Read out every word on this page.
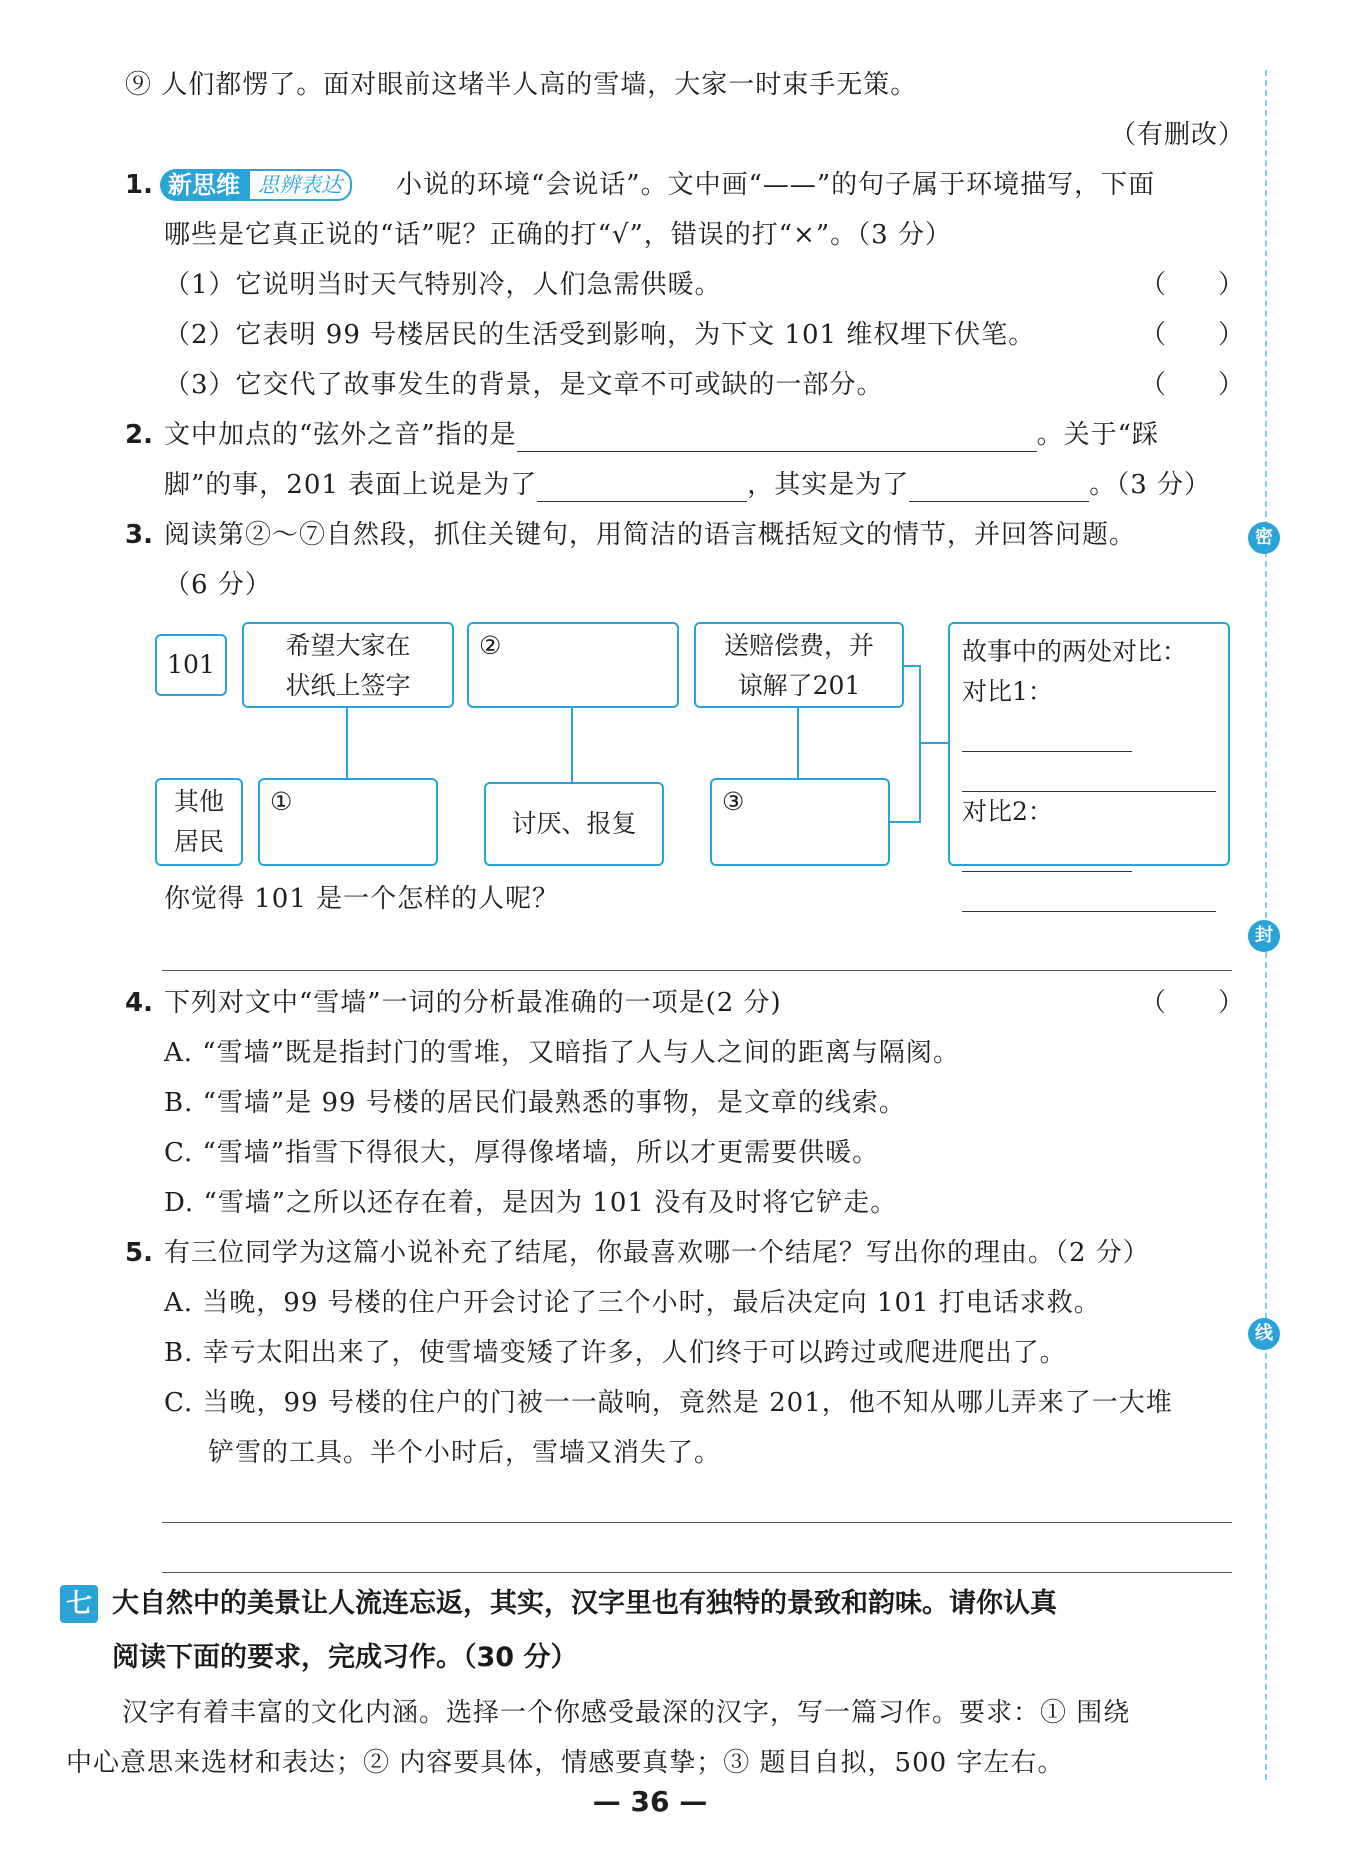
密
封
线
⑨ 人们都愣了。面对眼前这堵半人高的雪墙，大家一时束手无策。
（有删改）
1. 新思维 思辨表达	小说的环境“会说话”。文中画“——”的句子属于环境描写，下面
哪些是它真正说的“话”呢？正确的打“√”，错误的打“×”。（3 分）
（1）它说明当时天气特别冷，人们急需供暖。	（　　）
（2）它表明 99 号楼居民的生活受到影响，为下文 101 维权埋下伏笔。	（　　）
（3）它交代了故事发生的背景，是文章不可或缺的一部分。	（　　）
2. 文中加点的“弦外之音”指的是	。关于“踩
脚”的事，201 表面上说是为了	，其实是为了	。（3 分）
3. 阅读第②～⑦自然段，抓住关键句，用简洁的语言概括短文的情节，并回答问题。
（6 分）
101
希望大家在
状纸上签字
②	送赔偿费，并
谅解了201
其他
居民
①
讨厌、报复
③
故事中的两处对比：
对比1：
对比2：
你觉得 101 是一个怎样的人呢？
4. 下列对文中“雪墙”一词的分析最准确的一项是(2 分)	（　　）
A. “雪墙”既是指封门的雪堆，又暗指了人与人之间的距离与隔阂。
B. “雪墙”是 99 号楼的居民们最熟悉的事物，是文章的线索。
C. “雪墙”指雪下得很大，厚得像堵墙，所以才更需要供暖。
D. “雪墙”之所以还存在着，是因为 101 没有及时将它铲走。
5. 有三位同学为这篇小说补充了结尾，你最喜欢哪一个结尾？写出你的理由。（2 分）
A. 当晚，99 号楼的住户开会讨论了三个小时，最后决定向 101 打电话求救。
B. 幸亏太阳出来了，使雪墙变矮了许多，人们终于可以跨过或爬进爬出了。
C. 当晚，99 号楼的住户的门被一一敲响，竟然是 201，他不知从哪儿弄来了一大堆
铲雪的工具。半个小时后，雪墙又消失了。
七 大自然中的美景让人流连忘返，其实，汉字里也有独特的景致和韵味。请你认真
阅读下面的要求，完成习作。（30 分）
汉字有着丰富的文化内涵。选择一个你感受最深的汉字，写一篇习作。要求：① 围绕
中心意思来选材和表达；② 内容要具体，情感要真挚；③ 题目自拟，500 字左右。
— 36 —
